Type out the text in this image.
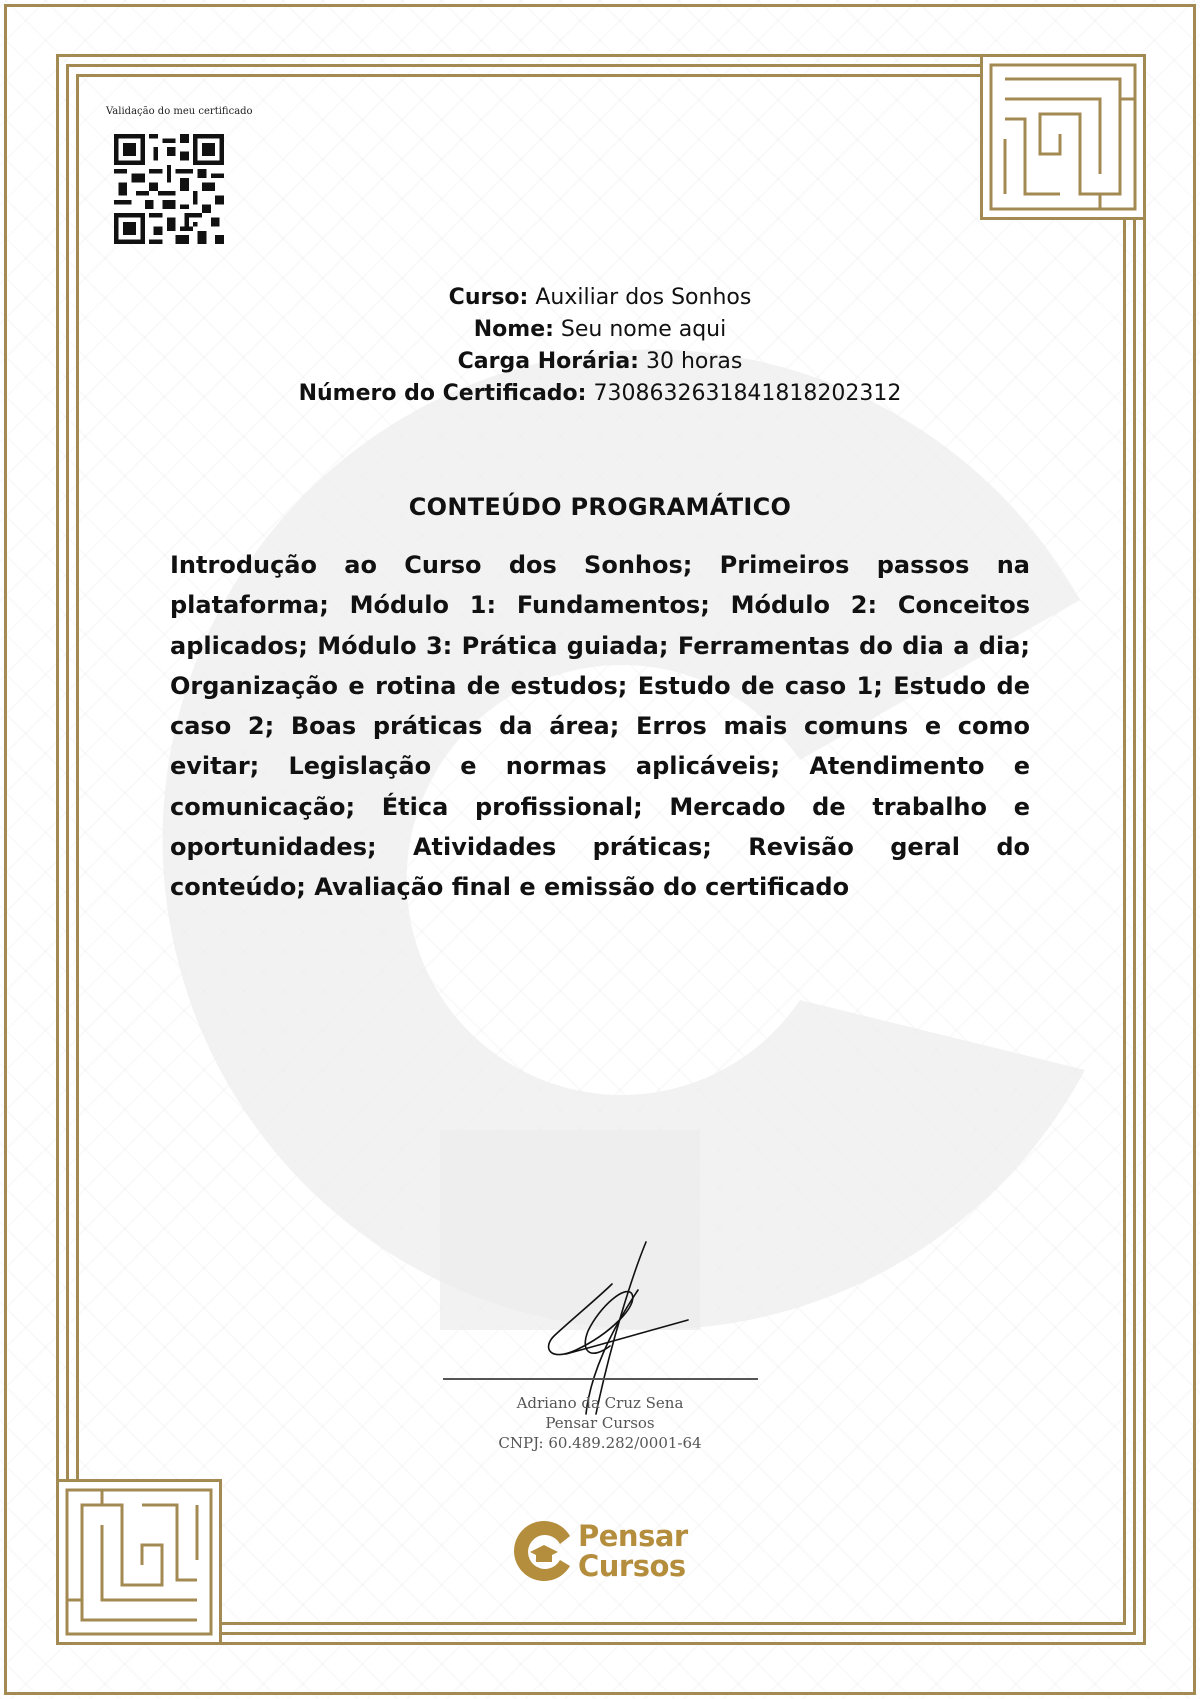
Validação do meu certificado
Curso: Auxiliar dos Sonhos
Nome: Seu nome aqui
Carga Horária: 30 horas
Número do Certificado: 7308632631841818202312
CONTEÚDO PROGRAMÁTICO
Introdução ao Curso dos Sonhos; Primeiros passos na plataforma; Módulo 1: Fundamentos; Módulo 2: Conceitos aplicados; Módulo 3: Prática guiada; Ferramentas do dia a dia; Organização e rotina de estudos; Estudo de caso 1; Estudo de caso 2; Boas práticas da área; Erros mais comuns e como evitar; Legislação e normas aplicáveis; Atendimento e comunicação; Ética profissional; Mercado de trabalho e oportunidades; Atividades práticas; Revisão geral do conteúdo; Avaliação final e emissão do certificado
Adriano da Cruz Sena
Pensar Cursos
CNPJ: 60.489.282/0001-64
Pensar
Cursos
